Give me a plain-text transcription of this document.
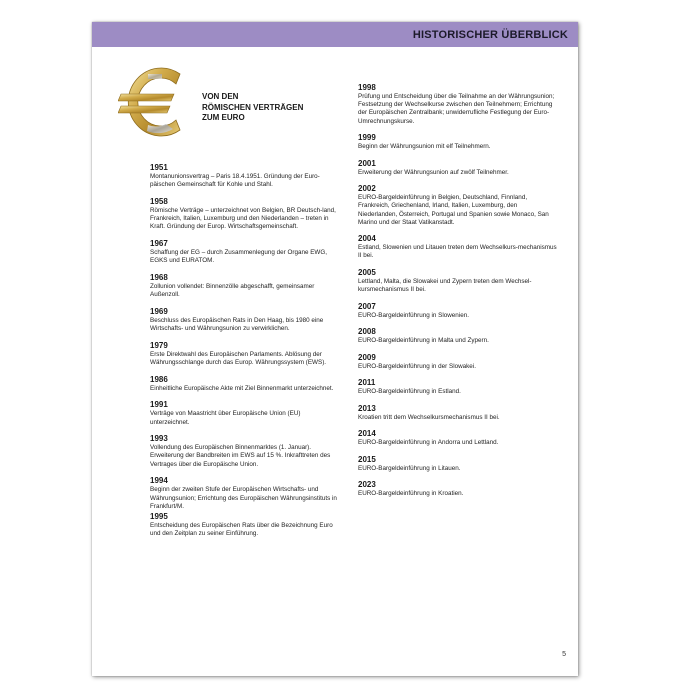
HISTORISCHER ÜBERBLICK
VON DEN
RÖMISCHEN VERTRÄGEN
ZUM EURO
1951
Montanunionsvertrag – Paris 18.4.1951. Gründung der Euro-päischen Gemeinschaft für Kohle und Stahl.
1958
Römische Verträge – unterzeichnet von Belgien, BR Deutsch-land, Frankreich, Italien, Luxemburg und den Niederlanden – treten in Kraft. Gründung der Europ. Wirtschaftsgemeinschaft.
1967
Schaffung der EG – durch Zusammenlegung der Organe EWG, EGKS und EURATOM.
1968
Zollunion vollendet: Binnenzölle abgeschafft, gemeinsamer Außenzoll.
1969
Beschluss des Europäischen Rats in Den Haag, bis 1980 eine Wirtschafts- und Währungsunion zu verwirklichen.
1979
Erste Direktwahl des Europäischen Parlaments. Ablösung der Währungsschlange durch das Europ. Währungssystem (EWS).
1986
Einheitliche Europäische Akte mit Ziel Binnenmarkt unterzeichnet.
1991
Verträge von Maastricht über Europäische Union (EU) unterzeichnet.
1993
Vollendung des Europäischen Binnenmarktes (1. Januar). Erweiterung der Bandbreiten im EWS auf 15 %. Inkrafttreten des Vertrages über die Europäische Union.
1994
Beginn der zweiten Stufe der Europäischen Wirtschafts- und Währungsunion; Errichtung des Europäischen Währungsinstituts in Frankfurt/M.
1995
Entscheidung des Europäischen Rats über die Bezeichnung Euro und den Zeitplan zu seiner Einführung.
1998
Prüfung und Entscheidung über die Teilnahme an der Währungsunion; Festsetzung der Wechselkurse zwischen den Teilnehmern; Errichtung der Europäischen Zentralbank; unwiderrufliche Festlegung der Euro-Umrechnungskurse.
1999
Beginn der Währungsunion mit elf Teilnehmern.
2001
Erweiterung der Währungsunion auf zwölf Teilnehmer.
2002
EURO-Bargeldeinführung in Belgien, Deutschland, Finnland, Frankreich, Griechenland, Irland, Italien, Luxemburg, den Niederlanden, Österreich, Portugal und Spanien sowie Monaco, San Marino und der Staat Vatikanstadt.
2004
Estland, Slowenien und Litauen treten dem Wechselkurs-mechanismus II bei.
2005
Lettland, Malta, die Slowakei und Zypern treten dem Wechsel-kursmechanismus II bei.
2007
EURO-Bargeldeinführung in Slowenien.
2008
EURO-Bargeldeinführung in Malta und Zypern.
2009
EURO-Bargeldeinführung in der Slowakei.
2011
EURO-Bargeldeinführung in Estland.
2013
Kroatien tritt dem Wechselkursmechanismus II bei.
2014
EURO-Bargeldeinführung in Andorra und Lettland.
2015
EURO-Bargeldeinführung in Litauen.
2023
EURO-Bargeldeinführung in Kroatien.
5
